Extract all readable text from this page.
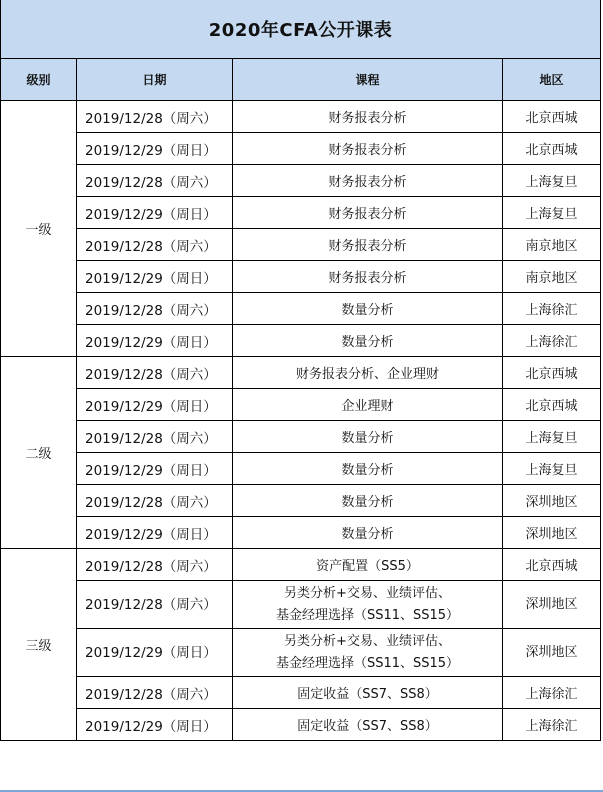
2020年CFA公开课表			
级别	日期	课程	地区
一级	2019/12/28（周六）	财务报表分析	北京西城
	2019/12/29（周日）	财务报表分析	北京西城
	2019/12/28（周六）	财务报表分析	上海复旦
	2019/12/29（周日）	财务报表分析	上海复旦
	2019/12/28（周六）	财务报表分析	南京地区
	2019/12/29（周日）	财务报表分析	南京地区
	2019/12/28（周六）	数量分析	上海徐汇
	2019/12/29（周日）	数量分析	上海徐汇
二级	2019/12/28（周六）	财务报表分析、企业理财	北京西城
	2019/12/29（周日）	企业理财	北京西城
	2019/12/28（周六）	数量分析	上海复旦
	2019/12/29（周日）	数量分析	上海复旦
	2019/12/28（周六）	数量分析	深圳地区
	2019/12/29（周日）	数量分析	深圳地区
三级	2019/12/28（周六）	资产配置（SS5）	北京西城
	2019/12/28（周六）	另类分析+交易、业绩评估、
基金经理选择（SS11、SS15）	深圳地区
	2019/12/29（周日）	另类分析+交易、业绩评估、
基金经理选择（SS11、SS15）	深圳地区
	2019/12/28（周六）	固定收益（SS7、SS8）	上海徐汇
	2019/12/29（周日）	固定收益（SS7、SS8）	上海徐汇
